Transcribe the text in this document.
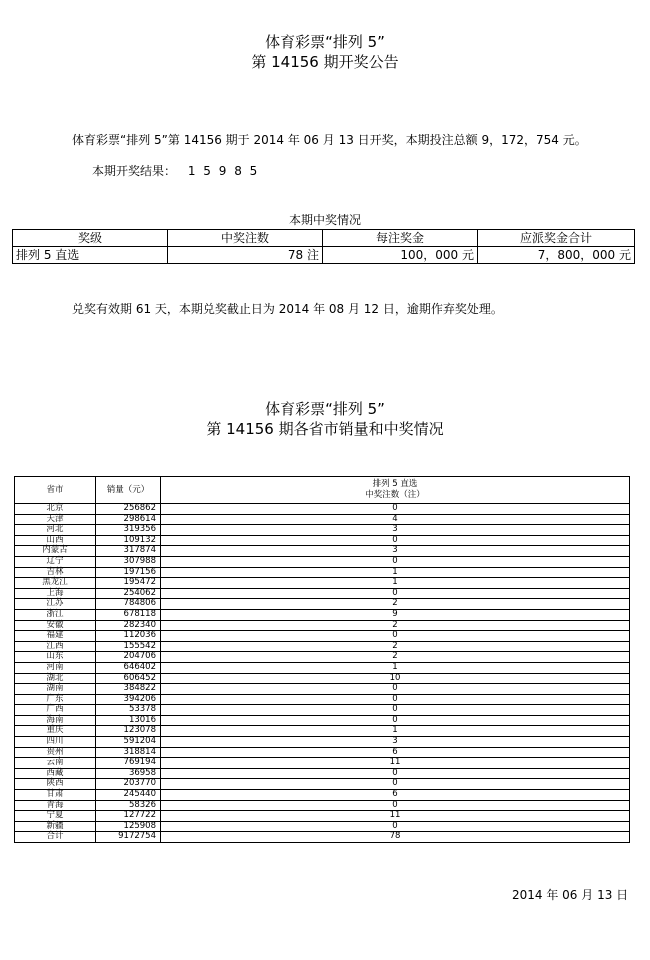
体育彩票“排列 5”
第 14156 期开奖公告
体育彩票“排列 5”第 14156 期于 2014 年 06 月 13 日开奖，本期投注总额 9，172，754 元。
本期开奖结果： 1 5 9 8 5
本期中奖情况
奖级	中奖注数	每注奖金	应派奖金合计
排列 5 直选	78 注	100，000 元	7，800，000 元
兑奖有效期 61 天，本期兑奖截止日为 2014 年 08 月 12 日，逾期作弃奖处理。
体育彩票“排列 5”
第 14156 期各省市销量和中奖情况
省市	销量（元）	排列 5 直选
中奖注数（注）

北京	256862	0
天津	298614	4
河北	319356	3
山西	109132	0
内蒙古	317874	3
辽宁	307988	0
吉林	197156	1
黑龙江	195472	1
上海	254062	0
江苏	784806	2
浙江	678118	9
安徽	282340	2
福建	112036	0
江西	155542	2
山东	204706	2
河南	646402	1
湖北	606452	10
湖南	384822	0
广东	394206	0
广西	53378	0
海南	13016	0
重庆	123078	1
四川	591204	3
贵州	318814	6
云南	769194	11
西藏	36958	0
陕西	203770	0
甘肃	245440	6
青海	58326	0
宁夏	127722	11
新疆	125908	0
合计	9172754	78
2014 年 06 月 13 日
